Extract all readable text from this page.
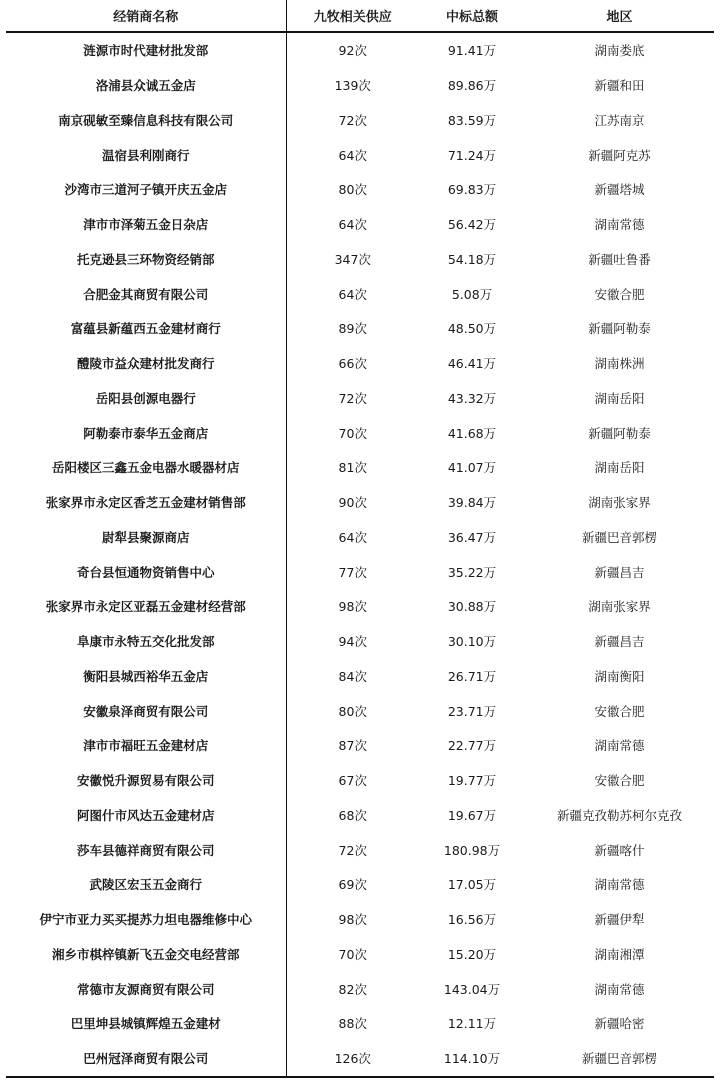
经销商名称	九牧相关供应	中标总额	地区
涟源市时代建材批发部	92次	91.41万	湖南娄底
洛浦县众诚五金店	139次	89.86万	新疆和田
南京砚敏至臻信息科技有限公司	72次	83.59万	江苏南京
温宿县利刚商行	64次	71.24万	新疆阿克苏
沙湾市三道河子镇开庆五金店	80次	69.83万	新疆塔城
津市市泽菊五金日杂店	64次	56.42万	湖南常德
托克逊县三环物资经销部	347次	54.18万	新疆吐鲁番
合肥金其商贸有限公司	64次	5.08万	安徽合肥
富蕴县新蕴西五金建材商行	89次	48.50万	新疆阿勒泰
醴陵市益众建材批发商行	66次	46.41万	湖南株洲
岳阳县创源电器行	72次	43.32万	湖南岳阳
阿勒泰市泰华五金商店	70次	41.68万	新疆阿勒泰
岳阳楼区三鑫五金电器水暖器材店	81次	41.07万	湖南岳阳
张家界市永定区香芝五金建材销售部	90次	39.84万	湖南张家界
尉犁县聚源商店	64次	36.47万	新疆巴音郭楞
奇台县恒通物资销售中心	77次	35.22万	新疆昌吉
张家界市永定区亚磊五金建材经营部	98次	30.88万	湖南张家界
阜康市永特五交化批发部	94次	30.10万	新疆昌吉
衡阳县城西裕华五金店	84次	26.71万	湖南衡阳
安徽泉泽商贸有限公司	80次	23.71万	安徽合肥
津市市福旺五金建材店	87次	22.77万	湖南常德
安徽悦升源贸易有限公司	67次	19.77万	安徽合肥
阿图什市风达五金建材店	68次	19.67万	新疆克孜勒苏柯尔克孜
莎车县德祥商贸有限公司	72次	180.98万	新疆喀什
武陵区宏玉五金商行	69次	17.05万	湖南常德
伊宁市亚力买买提苏力坦电器维修中心	98次	16.56万	新疆伊犁
湘乡市棋梓镇新飞五金交电经营部	70次	15.20万	湖南湘潭
常德市友源商贸有限公司	82次	143.04万	湖南常德
巴里坤县城镇辉煌五金建材	88次	12.11万	新疆哈密
巴州冠泽商贸有限公司	126次	114.10万	新疆巴音郭楞
